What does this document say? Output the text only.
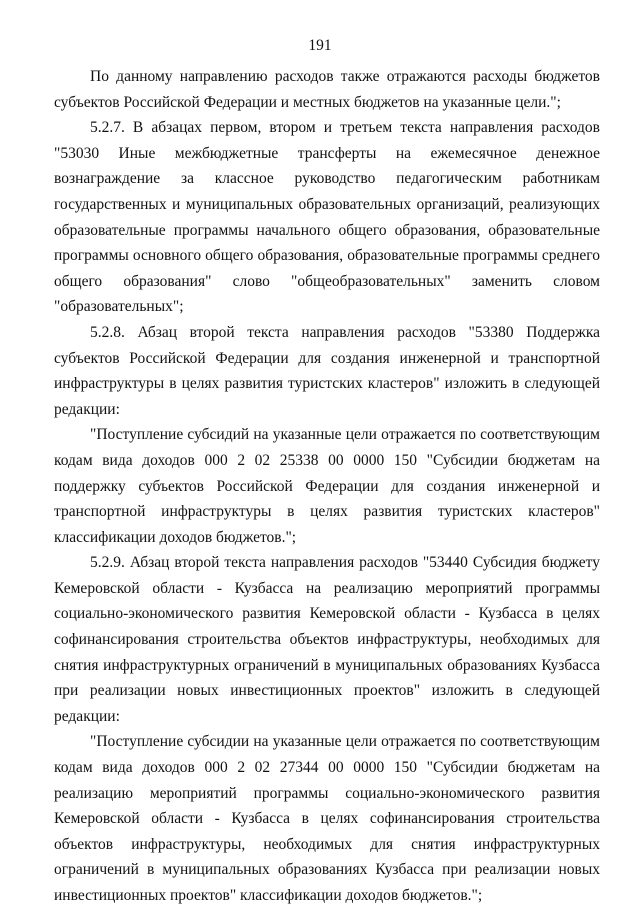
191

По данному направлению расходов также отражаются расходы бюджетов субъектов Российской Федерации и местных бюджетов на указанные цели.";

5.2.7. В абзацах первом, втором и третьем текста направления расходов "53030 Иные межбюджетные трансферты на ежемесячное денежное вознаграждение за классное руководство педагогическим работникам государственных и муниципальных образовательных организаций, реализующих образовательные программы начального общего образования, образовательные программы основного общего образования, образовательные программы среднего общего образования" слово "общеобразовательных" заменить словом "образовательных";

5.2.8. Абзац второй текста направления расходов "53380 Поддержка субъектов Российской Федерации для создания инженерной и транспортной инфраструктуры в целях развития туристских кластеров" изложить в следующей редакции:

"Поступление субсидий на указанные цели отражается по соответствующим кодам вида доходов 000 2 02 25338 00 0000 150 "Субсидии бюджетам на поддержку субъектов Российской Федерации для создания инженерной и транспортной инфраструктуры в целях развития туристских кластеров" классификации доходов бюджетов.";

5.2.9. Абзац второй текста направления расходов "53440 Субсидия бюджету Кемеровской области - Кузбасса на реализацию мероприятий программы социально-экономического развития Кемеровской области - Кузбасса в целях софинансирования строительства объектов инфраструктуры, необходимых для снятия инфраструктурных ограничений в муниципальных образованиях Кузбасса при реализации новых инвестиционных проектов" изложить в следующей редакции:

"Поступление субсидии на указанные цели отражается по соответствующим кодам вида доходов 000 2 02 27344 00 0000 150 "Субсидии бюджетам на реализацию мероприятий программы социально-экономического развития Кемеровской области - Кузбасса в целях софинансирования строительства объектов инфраструктуры, необходимых для снятия инфраструктурных ограничений в муниципальных образованиях Кузбасса при реализации новых инвестиционных проектов" классификации доходов бюджетов.";
